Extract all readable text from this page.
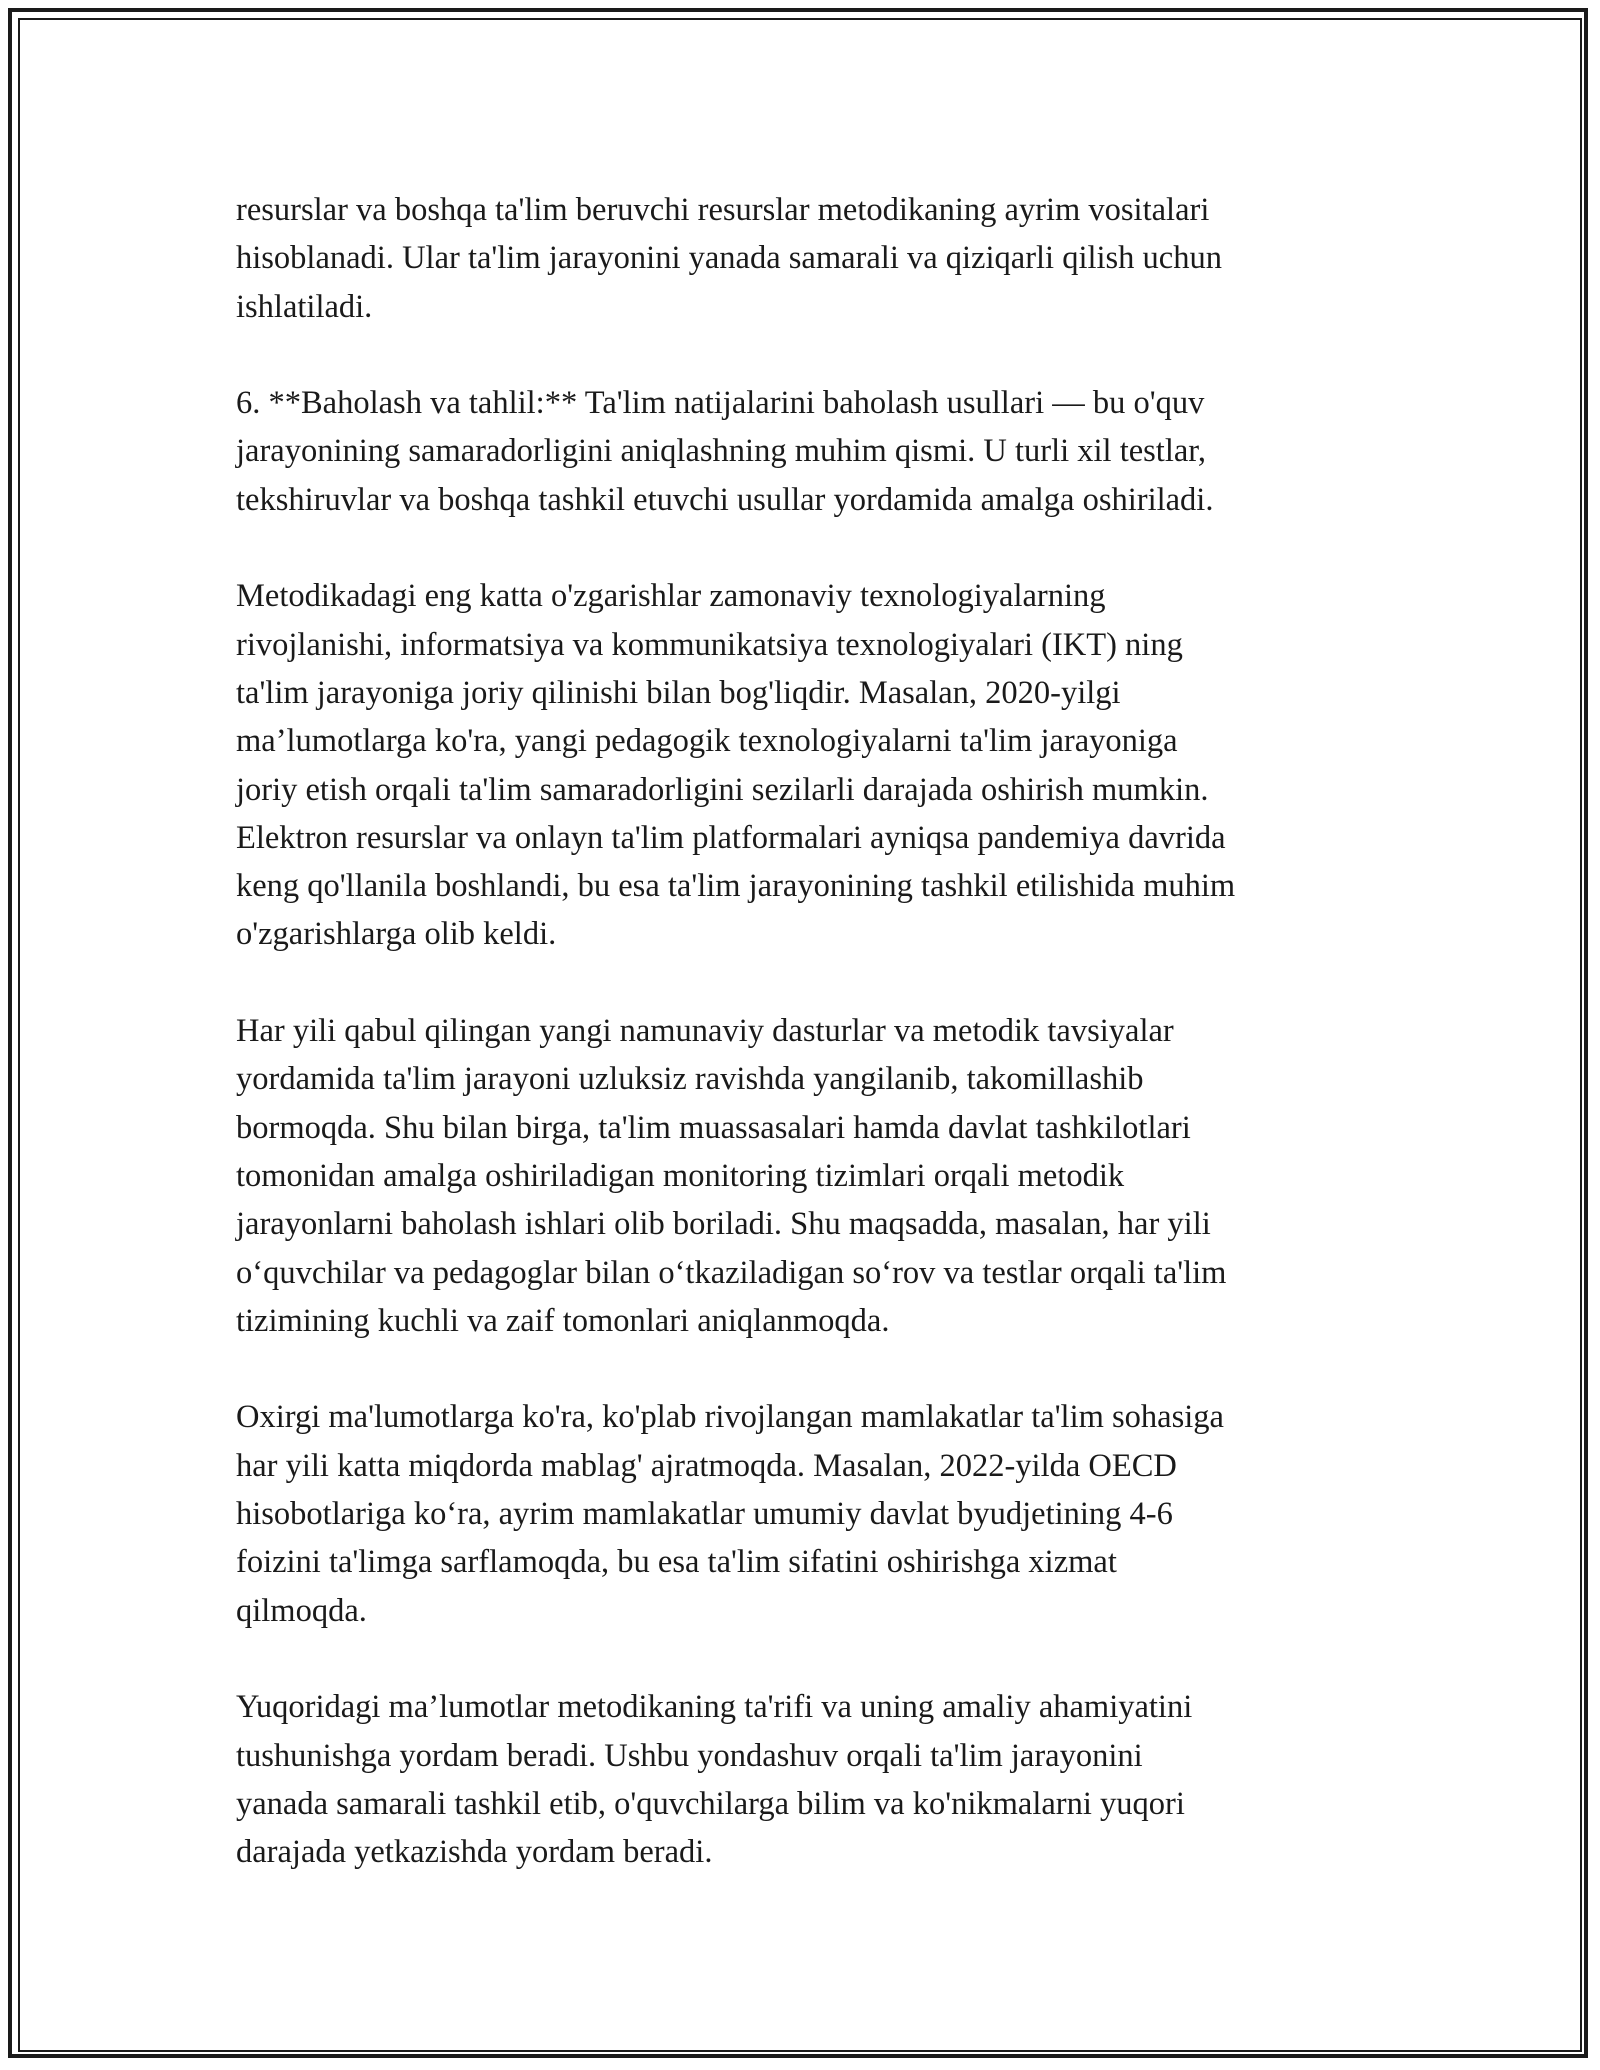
resurslar va boshqa ta'lim beruvchi resurslar metodikaning ayrim vositalari
hisoblanadi. Ular ta'lim jarayonini yanada samarali va qiziqarli qilish uchun
ishlatiladi.

6. **Baholash va tahlil:** Ta'lim natijalarini baholash usullari — bu o'quv
jarayonining samaradorligini aniqlashning muhim qismi. U turli xil testlar,
tekshiruvlar va boshqa tashkil etuvchi usullar yordamida amalga oshiriladi.

Metodikadagi eng katta o'zgarishlar zamonaviy texnologiyalarning
rivojlanishi, informatsiya va kommunikatsiya texnologiyalari (IKT) ning
ta'lim jarayoniga joriy qilinishi bilan bog'liqdir. Masalan, 2020-yilgi
ma’lumotlarga ko'ra, yangi pedagogik texnologiyalarni ta'lim jarayoniga
joriy etish orqali ta'lim samaradorligini sezilarli darajada oshirish mumkin.
Elektron resurslar va onlayn ta'lim platformalari ayniqsa pandemiya davrida
keng qo'llanila boshlandi, bu esa ta'lim jarayonining tashkil etilishida muhim
o'zgarishlarga olib keldi.

Har yili qabul qilingan yangi namunaviy dasturlar va metodik tavsiyalar
yordamida ta'lim jarayoni uzluksiz ravishda yangilanib, takomillashib
bormoqda. Shu bilan birga, ta'lim muassasalari hamda davlat tashkilotlari
tomonidan amalga oshiriladigan monitoring tizimlari orqali metodik
jarayonlarni baholash ishlari olib boriladi. Shu maqsadda, masalan, har yili
o‘quvchilar va pedagoglar bilan o‘tkaziladigan so‘rov va testlar orqali ta'lim
tizimining kuchli va zaif tomonlari aniqlanmoqda.

Oxirgi ma'lumotlarga ko'ra, ko'plab rivojlangan mamlakatlar ta'lim sohasiga
har yili katta miqdorda mablag' ajratmoqda. Masalan, 2022-yilda OECD
hisobotlariga ko‘ra, ayrim mamlakatlar umumiy davlat byudjetining 4-6
foizini ta'limga sarflamoqda, bu esa ta'lim sifatini oshirishga xizmat
qilmoqda.

Yuqoridagi ma’lumotlar metodikaning ta'rifi va uning amaliy ahamiyatini
tushunishga yordam beradi. Ushbu yondashuv orqali ta'lim jarayonini
yanada samarali tashkil etib, o'quvchilarga bilim va ko'nikmalarni yuqori
darajada yetkazishda yordam beradi.
